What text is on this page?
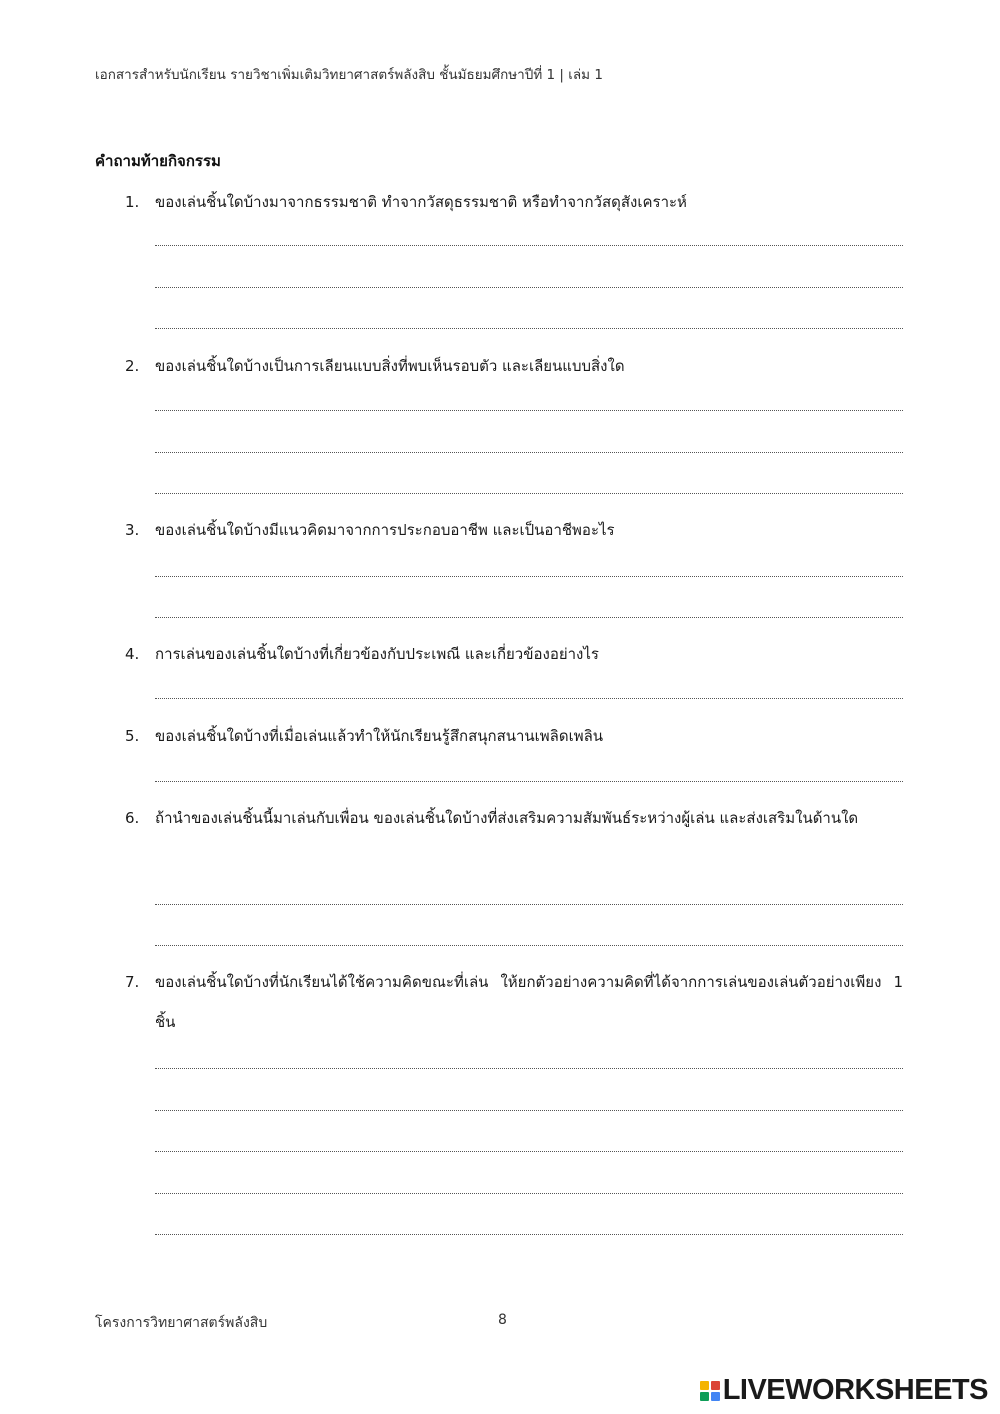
เอกสารสำหรับนักเรียน รายวิชาเพิ่มเติมวิทยาศาสตร์พลังสิบ ชั้นมัธยมศึกษาปีที่ 1 | เล่ม 1
คำถามท้ายกิจกรรม
1. ของเล่นชิ้นใดบ้างมาจากธรรมชาติ ทำจากวัสดุธรรมชาติ หรือทำจากวัสดุสังเคราะห์
2. ของเล่นชิ้นใดบ้างเป็นการเลียนแบบสิ่งที่พบเห็นรอบตัว และเลียนแบบสิ่งใด
3. ของเล่นชิ้นใดบ้างมีแนวคิดมาจากการประกอบอาชีพ และเป็นอาชีพอะไร
4. การเล่นของเล่นชิ้นใดบ้างที่เกี่ยวข้องกับประเพณี และเกี่ยวข้องอย่างไร
5. ของเล่นชิ้นใดบ้างที่เมื่อเล่นแล้วทำให้นักเรียนรู้สึกสนุกสนานเพลิดเพลิน
6. ถ้านำของเล่นชิ้นนี้มาเล่นกับเพื่อน ของเล่นชิ้นใดบ้างที่ส่งเสริมความสัมพันธ์ระหว่างผู้เล่น และส่งเสริมในด้านใด
7. ของเล่นชิ้นใดบ้างที่นักเรียนได้ใช้ความคิดขณะที่เล่น ให้ยกตัวอย่างความคิดที่ได้จากการเล่นของเล่นตัวอย่างเพียง 1 ชิ้น
โครงการวิทยาศาสตร์พลังสิบ	8
LIVEWORKSHEETS
